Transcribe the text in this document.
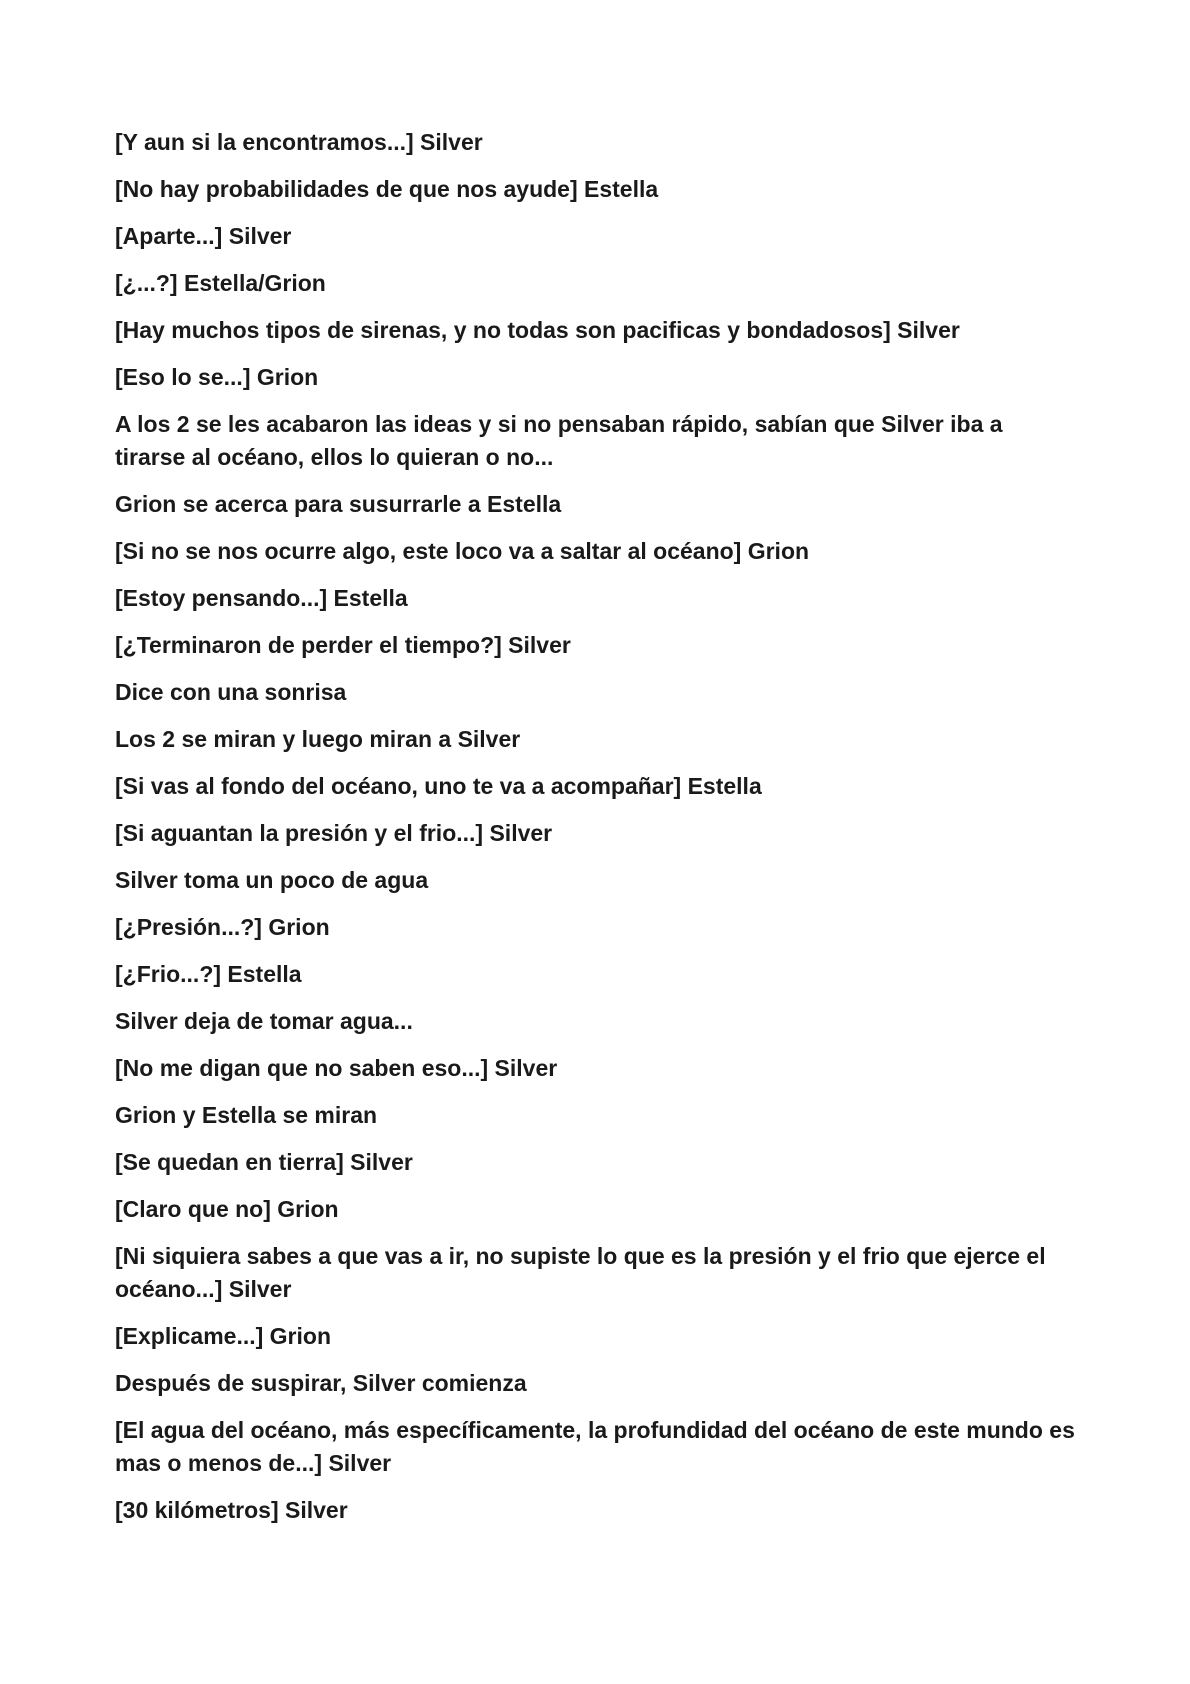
[Y aun si la encontramos...] Silver

[No hay probabilidades de que nos ayude] Estella

[Aparte...] Silver

[¿...?] Estella/Grion

[Hay muchos tipos de sirenas, y no todas son pacificas y bondadosos] Silver

[Eso lo se...] Grion

A los 2 se les acabaron las ideas y si no pensaban rápido, sabían que Silver iba a tirarse al océano, ellos lo quieran o no...

Grion se acerca para susurrarle a Estella

[Si no se nos ocurre algo, este loco va a saltar al océano] Grion

[Estoy pensando...] Estella

[¿Terminaron de perder el tiempo?] Silver

Dice con una sonrisa

Los 2 se miran y luego miran a Silver

[Si vas al fondo del océano, uno te va a acompañar] Estella

[Si aguantan la presión y el frio...] Silver

Silver toma un poco de agua

[¿Presión...?] Grion

[¿Frio...?] Estella

Silver deja de tomar agua...

[No me digan que no saben eso...] Silver

Grion y Estella se miran

[Se quedan en tierra] Silver

[Claro que no] Grion

[Ni siquiera sabes a que vas a ir, no supiste lo que es la presión y el frio que ejerce el océano...] Silver

[Explicame...] Grion

Después de suspirar, Silver comienza

[El agua del océano, más específicamente, la profundidad del océano de este mundo es mas o menos de...] Silver

[30 kilómetros] Silver
